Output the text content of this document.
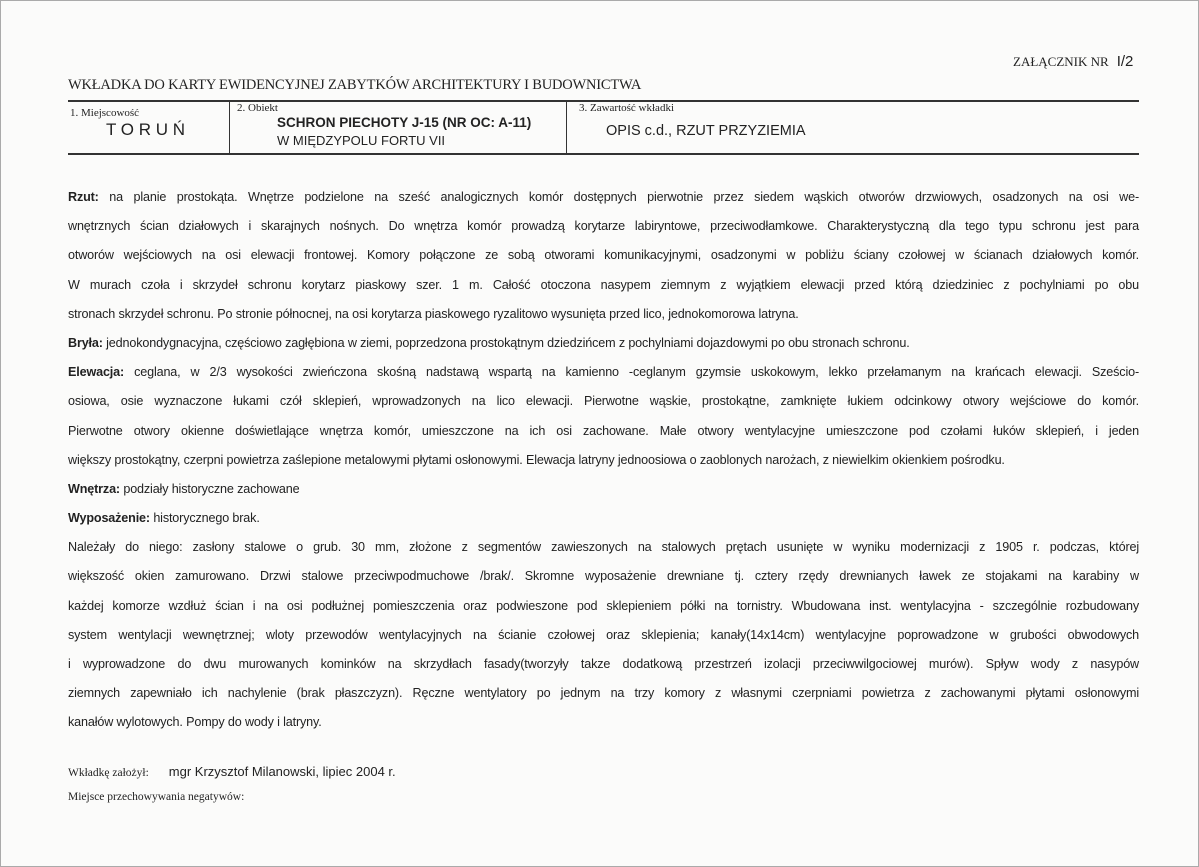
ZAŁĄCZNIK NR I/2
WKŁADKA DO KARTY EWIDENCYJNEJ ZABYTKÓW ARCHITEKTURY I BUDOWNICTWA
1. Miejscowość
T O R U Ń
2. Obiekt
SCHRON PIECHOTY J-15 (NR OC: A-11)
W MIĘDZYPOLU FORTU VII
3. Zawartość wkładki
OPIS c.d., RZUT PRZYZIEMIA
Rzut: na planie prostokąta. Wnętrze podzielone na sześć analogicznych komór dostępnych pierwotnie przez siedem wąskich otworów drzwiowych, osadzonych na osi we-
wnętrznych ścian działowych i skarajnych nośnych. Do wnętrza komór prowadzą korytarze labiryntowe, przeciwodłamkowe. Charakterystyczną dla tego typu schronu jest para
otworów wejściowych na osi elewacji frontowej. Komory połączone ze sobą otworami komunikacyjnymi, osadzonymi w pobliżu ściany czołowej w ścianach działowych komór.
W murach czoła i skrzydeł schronu korytarz piaskowy szer. 1 m. Całość otoczona nasypem ziemnym z wyjątkiem elewacji przed którą dziedziniec z pochylniami po obu
stronach skrzydeł schronu. Po stronie północnej, na osi korytarza piaskowego ryzalitowo wysunięta przed lico, jednokomorowa latryna.
Bryła: jednokondygnacyjna, częściowo zagłębiona w ziemi, poprzedzona prostokątnym dziedzińcem z pochylniami dojazdowymi po obu stronach schronu.
Elewacja: ceglana, w 2/3 wysokości zwieńczona skośną nadstawą wspartą na kamienno -ceglanym gzymsie uskokowym, lekko przełamanym na krańcach elewacji. Sześcio-
osiowa, osie wyznaczone łukami czół sklepień, wprowadzonych na lico elewacji. Pierwotne wąskie, prostokątne, zamknięte łukiem odcinkowy otwory wejściowe do komór.
Pierwotne otwory okienne doświetlające wnętrza komór, umieszczone na ich osi zachowane. Małe otwory wentylacyjne umieszczone pod czołami łuków sklepień, i jeden
większy prostokątny, czerpni powietrza zaślepione metalowymi płytami osłonowymi. Elewacja latryny jednoosiowa o zaoblonych narożach, z niewielkim okienkiem pośrodku.
Wnętrza: podziały historyczne zachowane
Wyposażenie: historycznego brak.
Należały do niego: zasłony stalowe o grub. 30 mm, złożone z segmentów zawieszonych na stalowych prętach usunięte w wyniku modernizacji z 1905 r. podczas, której
większość okien zamurowano. Drzwi stalowe przeciwpodmuchowe /brak/. Skromne wyposażenie drewniane tj. cztery rzędy drewnianych ławek ze stojakami na karabiny w
każdej komorze wzdłuż ścian i na osi podłużnej pomieszczenia oraz podwieszone pod sklepieniem półki na tornistry. Wbudowana inst. wentylacyjna - szczególnie rozbudowany
system wentylacji wewnętrznej; wloty przewodów wentylacyjnych na ścianie czołowej oraz sklepienia; kanały(14x14cm) wentylacyjne poprowadzone w grubości obwodowych
i wyprowadzone do dwu murowanych kominków na skrzydłach fasady(tworzyły takze dodatkową przestrzeń izolacji przeciwwilgociowej murów). Spływ wody z nasypów
ziemnych zapewniało ich nachylenie (brak płaszczyzn). Ręczne wentylatory po jednym na trzy komory z własnymi czerpniami powietrza z zachowanymi płytami osłonowymi
kanałów wylotowych. Pompy do wody i latryny.
Wkładkę założył: mgr Krzysztof Milanowski, lipiec 2004 r.
Miejsce przechowywania negatywów:
